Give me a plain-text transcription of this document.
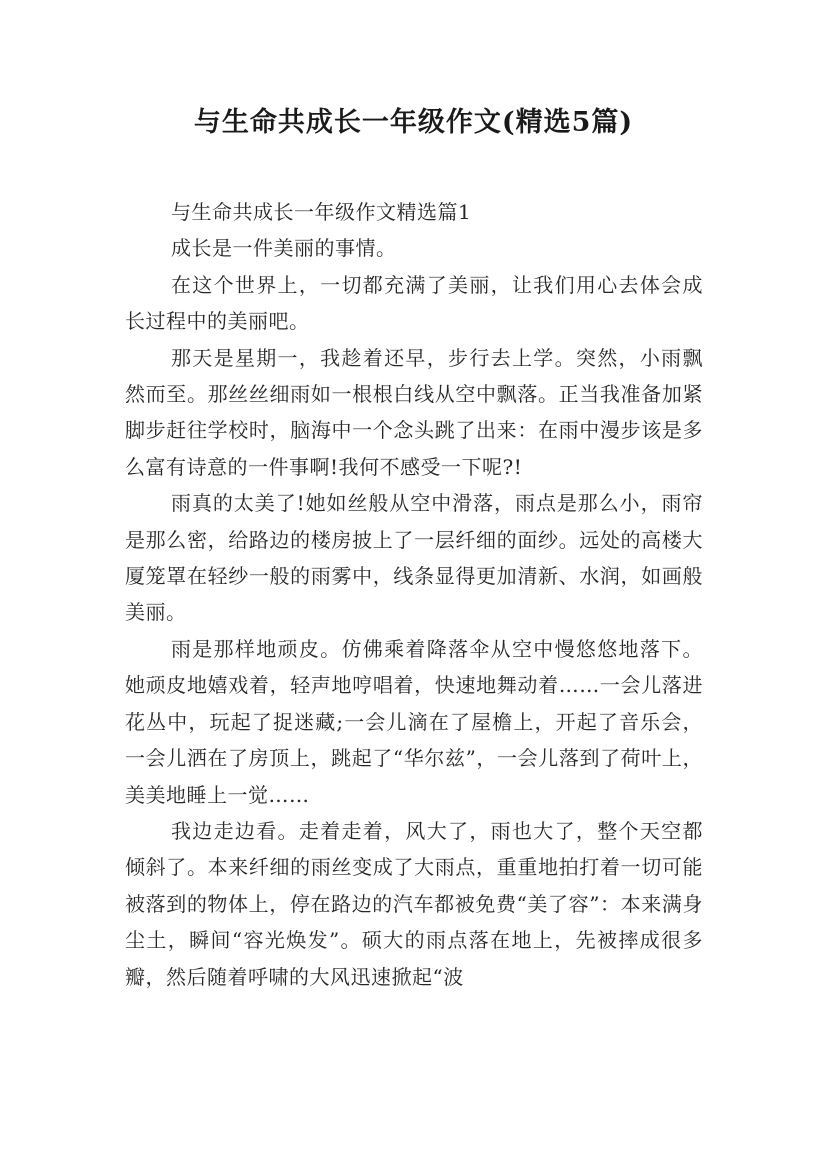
与生命共成长一年级作文(精选5篇)

与生命共成长一年级作文精选篇1

成长是一件美丽的事情。

在这个世界上，一切都充满了美丽，让我们用心去体会成长过程中的美丽吧。

那天是星期一，我趁着还早，步行去上学。突然，小雨飘然而至。那丝丝细雨如一根根白线从空中飘落。正当我准备加紧脚步赶往学校时，脑海中一个念头跳了出来：在雨中漫步该是多么富有诗意的一件事啊!我何不感受一下呢?!

雨真的太美了!她如丝般从空中滑落，雨点是那么小，雨帘是那么密，给路边的楼房披上了一层纤细的面纱。远处的高楼大厦笼罩在轻纱一般的雨雾中，线条显得更加清新、水润，如画般美丽。

雨是那样地顽皮。仿佛乘着降落伞从空中慢悠悠地落下。她顽皮地嬉戏着，轻声地哼唱着，快速地舞动着……一会儿落进花丛中，玩起了捉迷藏;一会儿滴在了屋檐上，开起了音乐会，一会儿洒在了房顶上，跳起了“华尔兹”，一会儿落到了荷叶上，美美地睡上一觉……

我边走边看。走着走着，风大了，雨也大了，整个天空都倾斜了。本来纤细的雨丝变成了大雨点，重重地拍打着一切可能被落到的物体上，停在路边的汽车都被免费“美了容”：本来满身尘土，瞬间“容光焕发”。硕大的雨点落在地上，先被摔成很多瓣，然后随着呼啸的大风迅速掀起“波
